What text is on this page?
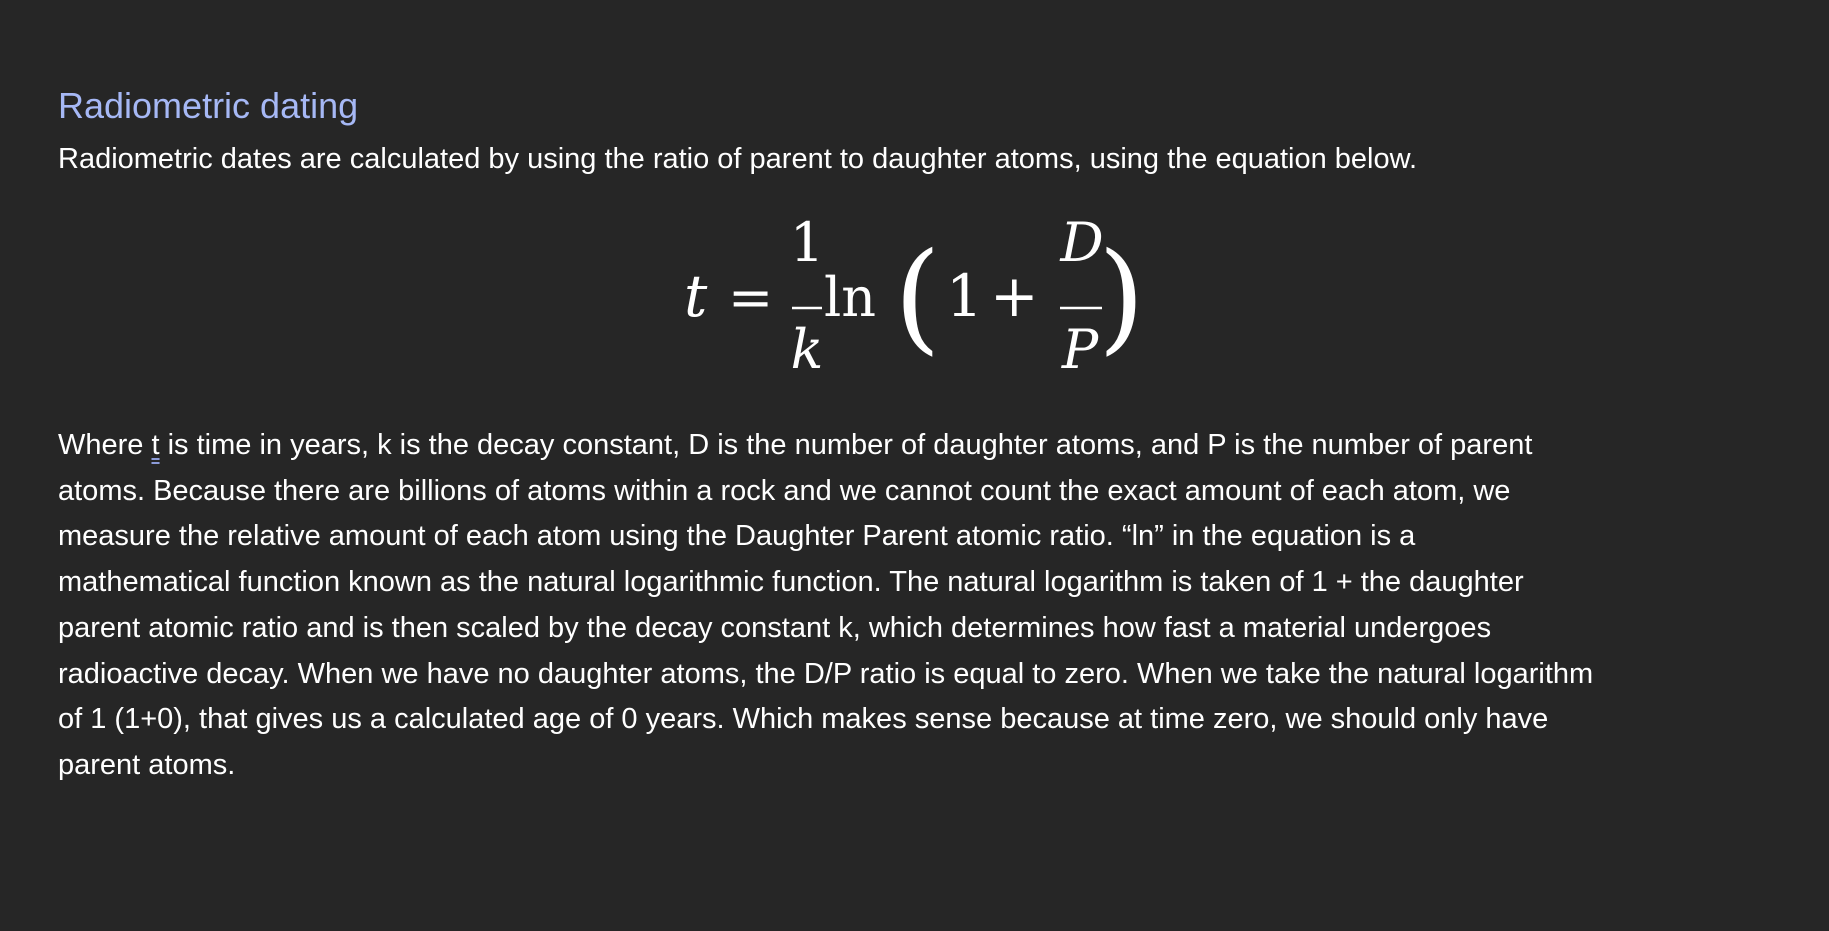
Radiometric dating
Radiometric dates are calculated by using the ratio of parent to daughter atoms, using the equation below.
t =
1
k
ln ( 1 +
D
P )
Where t is time in years, k is the decay constant, D is the number of daughter atoms, and P is the number of parent
atoms. Because there are billions of atoms within a rock and we cannot count the exact amount of each atom, we
measure the relative amount of each atom using the Daughter Parent atomic ratio. “ln” in the equation is a
mathematical function known as the natural logarithmic function. The natural logarithm is taken of 1 + the daughter
parent atomic ratio and is then scaled by the decay constant k, which determines how fast a material undergoes
radioactive decay. When we have no daughter atoms, the D/P ratio is equal to zero. When we take the natural logarithm
of 1 (1+0), that gives us a calculated age of 0 years. Which makes sense because at time zero, we should only have
parent atoms.
